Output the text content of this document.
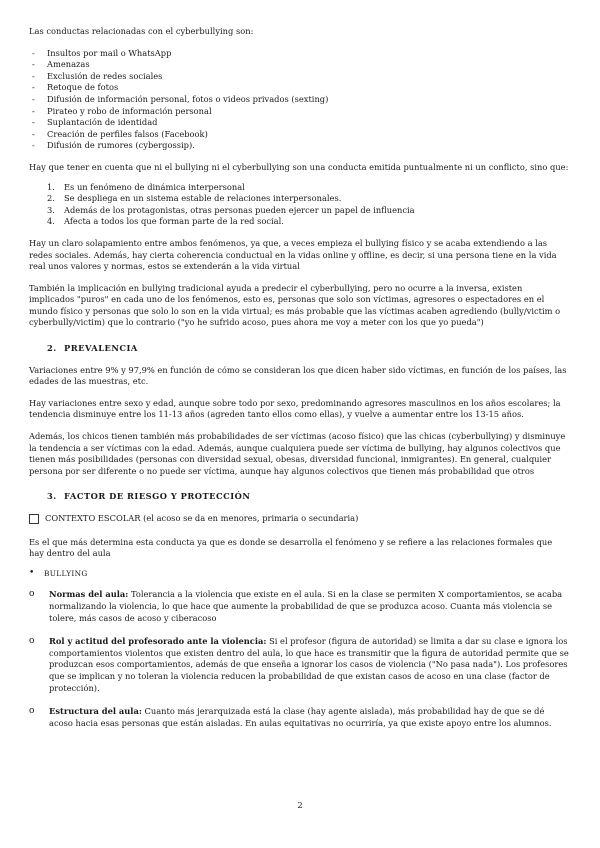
Las conductas relacionadas con el cyberbullying son:

- Insultos por mail o WhatsApp
- Amenazas
- Exclusión de redes sociales
- Retoque de fotos
- Difusión de información personal, fotos o videos privados (sexting)
- Pirateo y robo de información personal
- Suplantación de identidad
- Creación de perfiles falsos (Facebook)
- Difusión de rumores (cybergossip).

Hay que tener en cuenta que ni el bullying ni el cyberbullying son una conducta emitida puntualmente ni un conflicto, sino que:

1. Es un fenómeno de dinámica interpersonal
2. Se despliega en un sistema estable de relaciones interpersonales.
3. Además de los protagonistas, otras personas pueden ejercer un papel de influencia
4. Afecta a todos los que forman parte de la red social.

Hay un claro solapamiento entre ambos fenómenos, ya que, a veces empieza el bullying físico y se acaba extendiendo a las redes sociales. Además, hay cierta coherencia conductual en la vidas online y offline, es decir, si una persona tiene en la vida real unos valores y normas, estos se extenderán a la vida virtual

También la implicación en bullying tradicional ayuda a predecir el cyberbullying, pero no ocurre a la inversa, existen implicados "puros" en cada uno de los fenómenos, esto es, personas que solo son víctimas, agresores o espectadores en el mundo físico y personas que solo lo son en la vida virtual; es más probable que las víctimas acaben agrediendo (bully/victim o cyberbully/victim) que lo contrario ("yo he sufrido acoso, pues ahora me voy a meter con los que yo pueda")

2. PREVALENCIA

Variaciones entre 9% y 97,9% en función de cómo se consideran los que dicen haber sido víctimas, en función de los países, las edades de las muestras, etc.

Hay variaciones entre sexo y edad, aunque sobre todo por sexo, predominando agresores masculinos en los años escolares; la tendencia disminuye entre los 11-13 años (agreden tanto ellos como ellas), y vuelve a aumentar entre los 13-15 años.

Además, los chicos tienen también más probabilidades de ser víctimas (acoso físico) que las chicas (cyberbullying) y disminuye la tendencia a ser víctimas con la edad. Además, aunque cualquiera puede ser víctima de bullying, hay algunos colectivos que tienen más posibilidades (personas con diversidad sexual, obesas, diversidad funcional, inmigrantes). En general, cualquier persona por ser diferente o no puede ser víctima, aunque hay algunos colectivos que tienen más probabilidad que otros

3. FACTOR DE RIESGO Y PROTECCIÓN
CONTEXTO ESCOLAR (el acoso se da en menores, primaria o secundaria)

Es el que más determina esta conducta ya que es donde se desarrolla el fenómeno y se refiere a las relaciones formales que hay dentro del aula

•	BULLYING
o Normas del aula: Tolerancia a la violencia que existe en el aula. Si en la clase se permiten X comportamientos, se acaba normalizando la violencia, lo que hace que aumente la probabilidad de que se produzca acoso. Cuanta más violencia se tolere, más casos de acoso y ciberacoso
o Rol y actitud del profesorado ante la violencia: Si el profesor (figura de autoridad) se limita a dar su clase e ignora los comportamientos violentos que existen dentro del aula, lo que hace es transmitir que la figura de autoridad permite que se produzcan esos comportamientos, además de que enseña a ignorar los casos de violencia ("No pasa nada"). Los profesores que se implican y no toleran la violencia reducen la probabilidad de que existan casos de acoso en una clase (factor de protección).
o Estructura del aula: Cuanto más jerarquizada está la clase (hay agente aislada), más probabilidad hay de que se dé acoso hacia esas personas que están aisladas. En aulas equitativas no ocurriría, ya que existe apoyo entre los alumnos.
2
